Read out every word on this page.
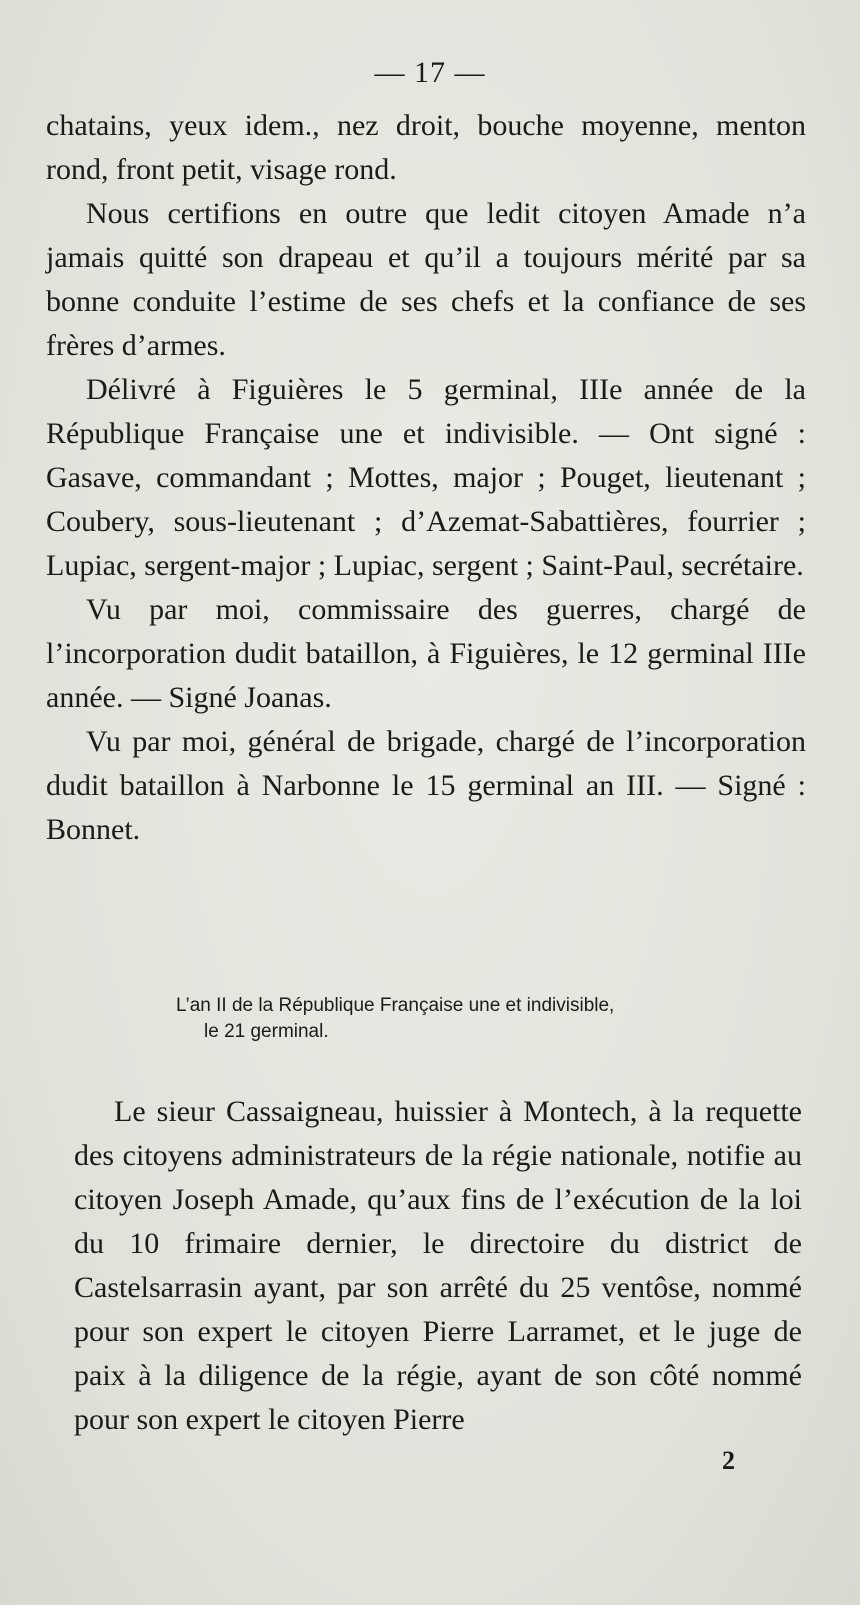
— 17 —

chatains, yeux idem., nez droit, bouche moyenne, menton rond, front petit, visage rond.

Nous certifions en outre que ledit citoyen Amade n’a jamais quitté son drapeau et qu’il a toujours mérité par sa bonne conduite l’estime de ses chefs et la confiance de ses frères d’armes.

Délivré à Figuières le 5 germinal, IIIe année de la République Française une et indivisible. — Ont signé : Gasave, commandant ; Mottes, major ; Pouget, lieutenant ; Coubery, sous-lieutenant ; d’Azemat-Sabattières, fourrier ; Lupiac, sergent-major ; Lupiac, sergent ; Saint-Paul, secrétaire.

Vu par moi, commissaire des guerres, chargé de l’incorporation dudit bataillon, à Figuières, le 12 germinal IIIe année. — Signé Joanas.

Vu par moi, général de brigade, chargé de l’incorporation dudit bataillon à Narbonne le 15 germinal an III. — Signé : Bonnet.

L’an II de la République Française une et indivisible,

le 21 germinal.

Le sieur Cassaigneau, huissier à Montech, à la requette des citoyens administrateurs de la régie nationale, notifie au citoyen Joseph Amade, qu’aux fins de l’exécution de la loi du 10 frimaire dernier, le directoire du district de Castelsarrasin ayant, par son arrêté du 25 ventôse, nommé pour son expert le citoyen Pierre Larramet, et le juge de paix à la diligence de la régie, ayant de son côté nommé pour son expert le citoyen Pierre

2
